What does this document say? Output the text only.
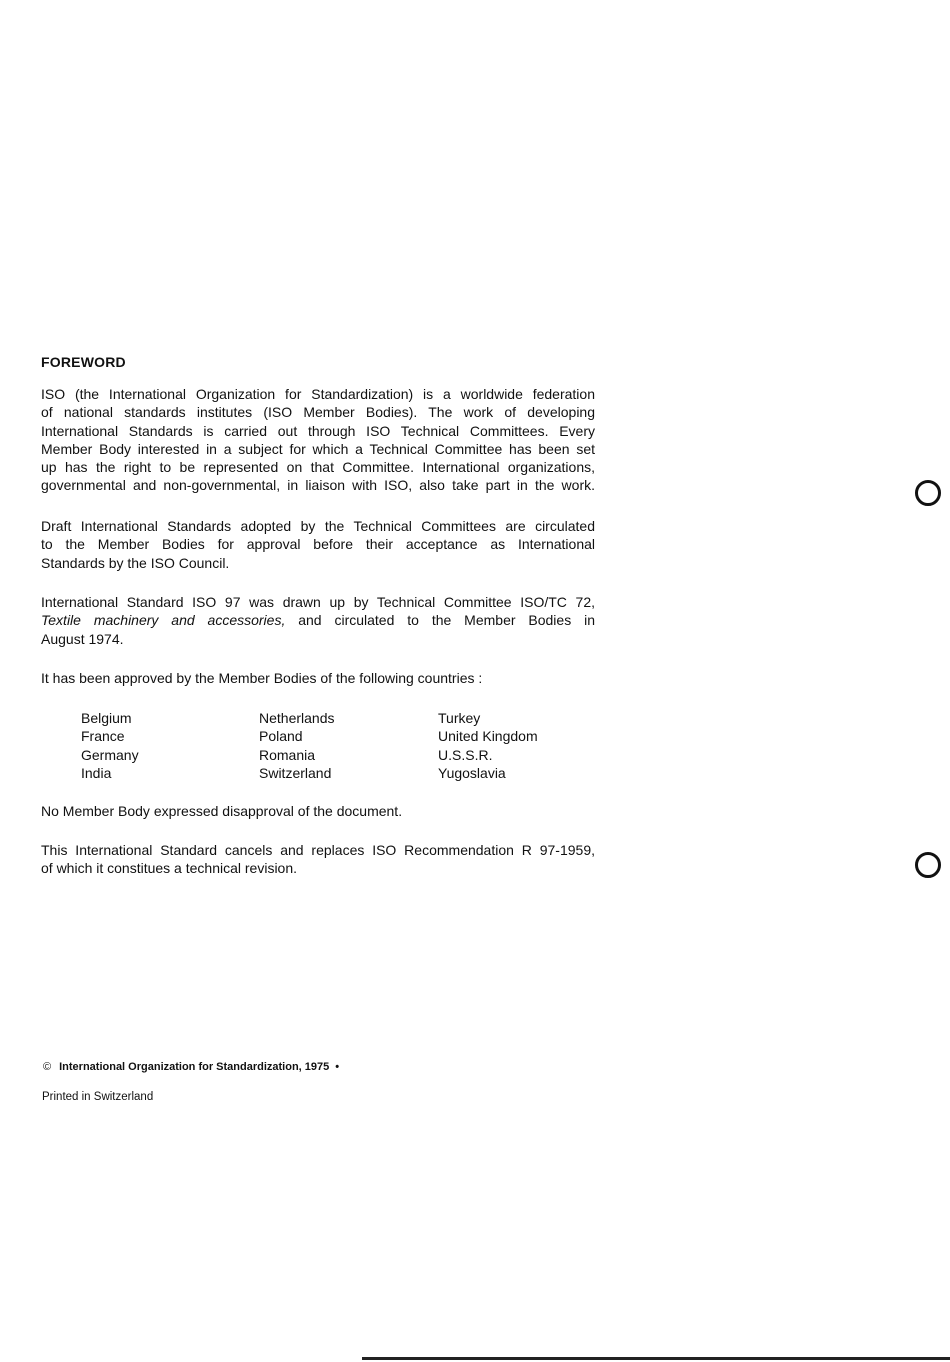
FOREWORD
ISO (the International Organization for Standardization) is a worldwide federation
of national standards institutes (ISO Member Bodies). The work of developing
International Standards is carried out through ISO Technical Committees. Every
Member Body interested in a subject for which a Technical Committee has been set
up has the right to be represented on that Committee. International organizations,
governmental and non-governmental, in liaison with ISO, also take part in the work.
Draft International Standards adopted by the Technical Committees are circulated
to the Member Bodies for approval before their acceptance as International
Standards by the ISO Council.
International Standard ISO 97 was drawn up by Technical Committee ISO/TC 72,
Textile machinery and accessories, and circulated to the Member Bodies in
August 1974.
It has been approved by the Member Bodies of the following countries :
Belgium
France
Germany
India
Netherlands
Poland
Romania
Switzerland
Turkey
United Kingdom
U.S.S.R.
Yugoslavia
No Member Body expressed disapproval of the document.
This International Standard cancels and replaces ISO Recommendation R 97-1959,
of which it constitues a technical revision.
© International Organization for Standardization, 1975 •
Printed in Switzerland
